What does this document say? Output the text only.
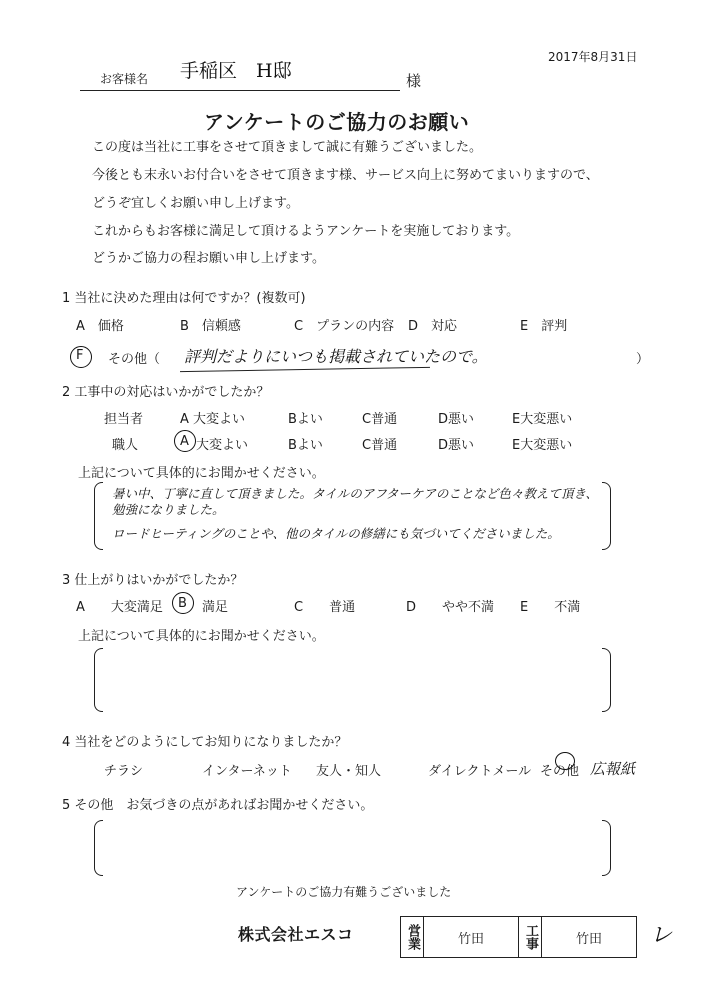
2017年8月31日
お客様名 手稲区　H邸	様
アンケートのご協力のお願い
この度は当社に工事をさせて頂きまして誠に有難うございました。
今後とも末永いお付合いをさせて頂きます様、サービス向上に努めてまいりますので、
どうぞ宜しくお願い申し上げます。
これからもお客様に満足して頂けるようアンケートを実施しております。
どうかご協力の程お願い申し上げます。
1 当社に決めた理由は何ですか？(複数可)
A　価格	B　信頼感	C　プランの内容 D　対応	E　評判
F その他（ 評判だよりにいつも掲載されていたので。	）
2 工事中の対応はいかがでしたか？
担当者	A 大変よい	Bよい	C普通	D悪い	E大変悪い
職人	A 大変よい	Bよい	C普通	D悪い	E大変悪い
上記について具体的にお聞かせください。
暑い中、丁寧に直して頂きました。タイルのアフターケアのことなど色々教えて頂き、勉強になりました。
ロードヒーティングのことや、他のタイルの修繕にも気づいてくださいました。
3 仕上がりはいかがでしたか？
A　　大変満足 B 満足	C　　普通	D　　やや不満 E　　不満
上記について具体的にお聞かせください。
4 当社をどのようにしてお知りになりましたか？
チラシ	インターネット 友人・知人	ダイレクトメール その他 広報紙
5 その他　お気づきの点があればお聞かせください。
アンケートのご協力有難うございました
株式会社エスコ	営業	竹田	工事	竹田 レ
